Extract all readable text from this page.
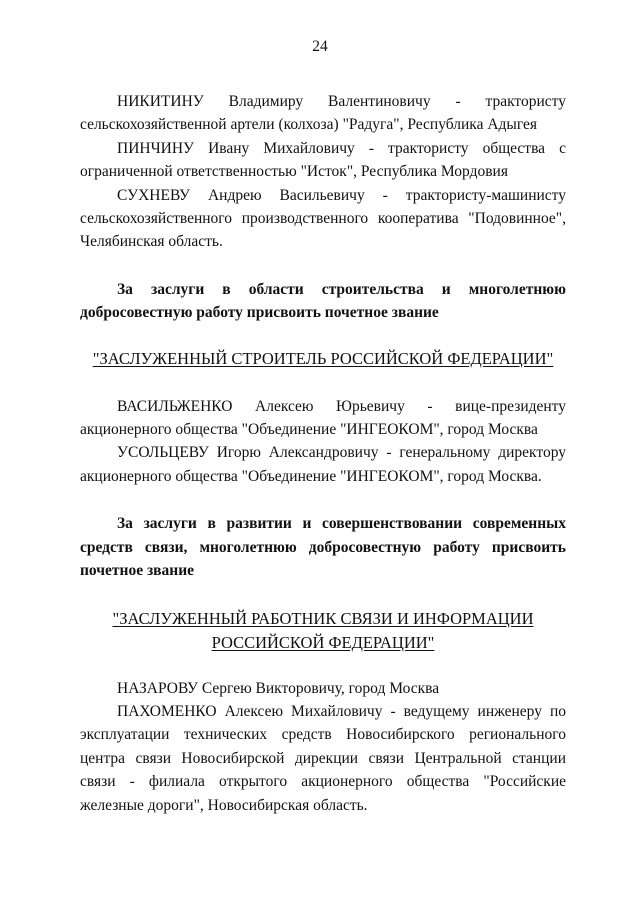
24

НИКИТИНУ Владимиру Валентиновичу - трактористу сельскохозяйственной артели (колхоза) "Радуга", Республика Адыгея

ПИНЧИНУ Ивану Михайловичу - трактористу общества с ограниченной ответственностью "Исток", Республика Мордовия

СУХНЕВУ Андрею Васильевичу - трактористу-машинисту сельскохозяйственного производственного кооператива "Подовинное", Челябинская область.

За заслуги в области строительства и многолетнюю добросовестную работу присвоить почетное звание

"ЗАСЛУЖЕННЫЙ СТРОИТЕЛЬ РОССИЙСКОЙ ФЕДЕРАЦИИ"

ВАСИЛЬЖЕНКО Алексею Юрьевичу - вице-президенту акционерного общества "Объединение "ИНГЕОКОМ", город Москва

УСОЛЬЦЕВУ Игорю Александровичу - генеральному директору акционерного общества "Объединение "ИНГЕОКОМ", город Москва.

За заслуги в развитии и совершенствовании современных средств связи, многолетнюю добросовестную работу присвоить почетное звание

"ЗАСЛУЖЕННЫЙ РАБОТНИК СВЯЗИ И ИНФОРМАЦИИ

РОССИЙСКОЙ ФЕДЕРАЦИИ"

НАЗАРОВУ Сергею Викторовичу, город Москва

ПАХОМЕНКО Алексею Михайловичу - ведущему инженеру по эксплуатации технических средств Новосибирского регионального центра связи Новосибирской дирекции связи Центральной станции связи - филиала открытого акционерного общества "Российские железные дороги", Новосибирская область.
